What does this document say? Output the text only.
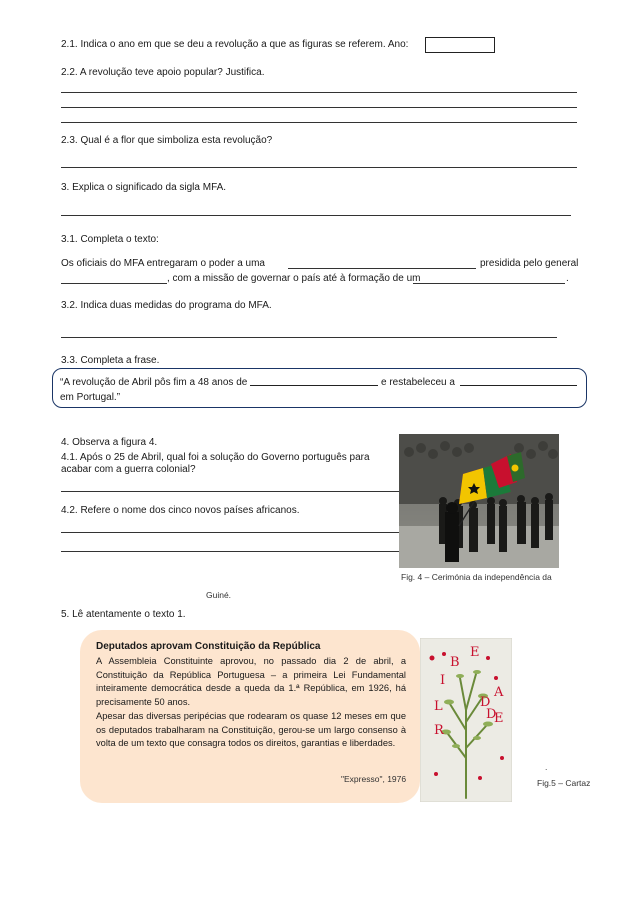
2.1. Indica o ano em que se deu a revolução a que as figuras se referem. Ano:
2.2. A revolução teve apoio popular? Justifica.
2.3. Qual é a flor que simboliza esta revolução?
3. Explica o significado da sigla MFA.
3.1. Completa o texto:
Os oficiais do MFA entregaram o poder a uma	presidida pelo general
, com a missão de governar o país até à formação de um	.
3.2. Indica duas medidas do programa do MFA.
3.3. Completa a frase.
“A revolução de Abril pôs fim a 48 anos de	e restabeleceu a
em Portugal.”
4. Observa a figura 4.
4.1. Após o 25 de Abril, qual foi a solução do Governo português para
acabar com a guerra colonial?
4.2. Refere o nome dos cinco novos países africanos.
Fig. 4 – Cerimónia da independência da
Guiné.
5. Lê atentamente o texto 1.
Deputados aprovam Constituição da República
A Assembleia Constituinte aprovou, no passado dia 2 de abril, a Constituição da República Portuguesa – a primeira Lei Fundamental inteiramente democrática desde a queda da 1.ª República, em 1926, há precisamente 50 anos.
Apesar das diversas peripécias que rodearam os quase 12 meses em que os deputados trabalharam na Constituição, gerou-se um largo consenso à volta de um texto que consagra todos os direitos, garantias e liberdades.
"Expresso", 1976
L
I
D
A
D
E
B
E
R
.
Fig.5 – Cartaz
